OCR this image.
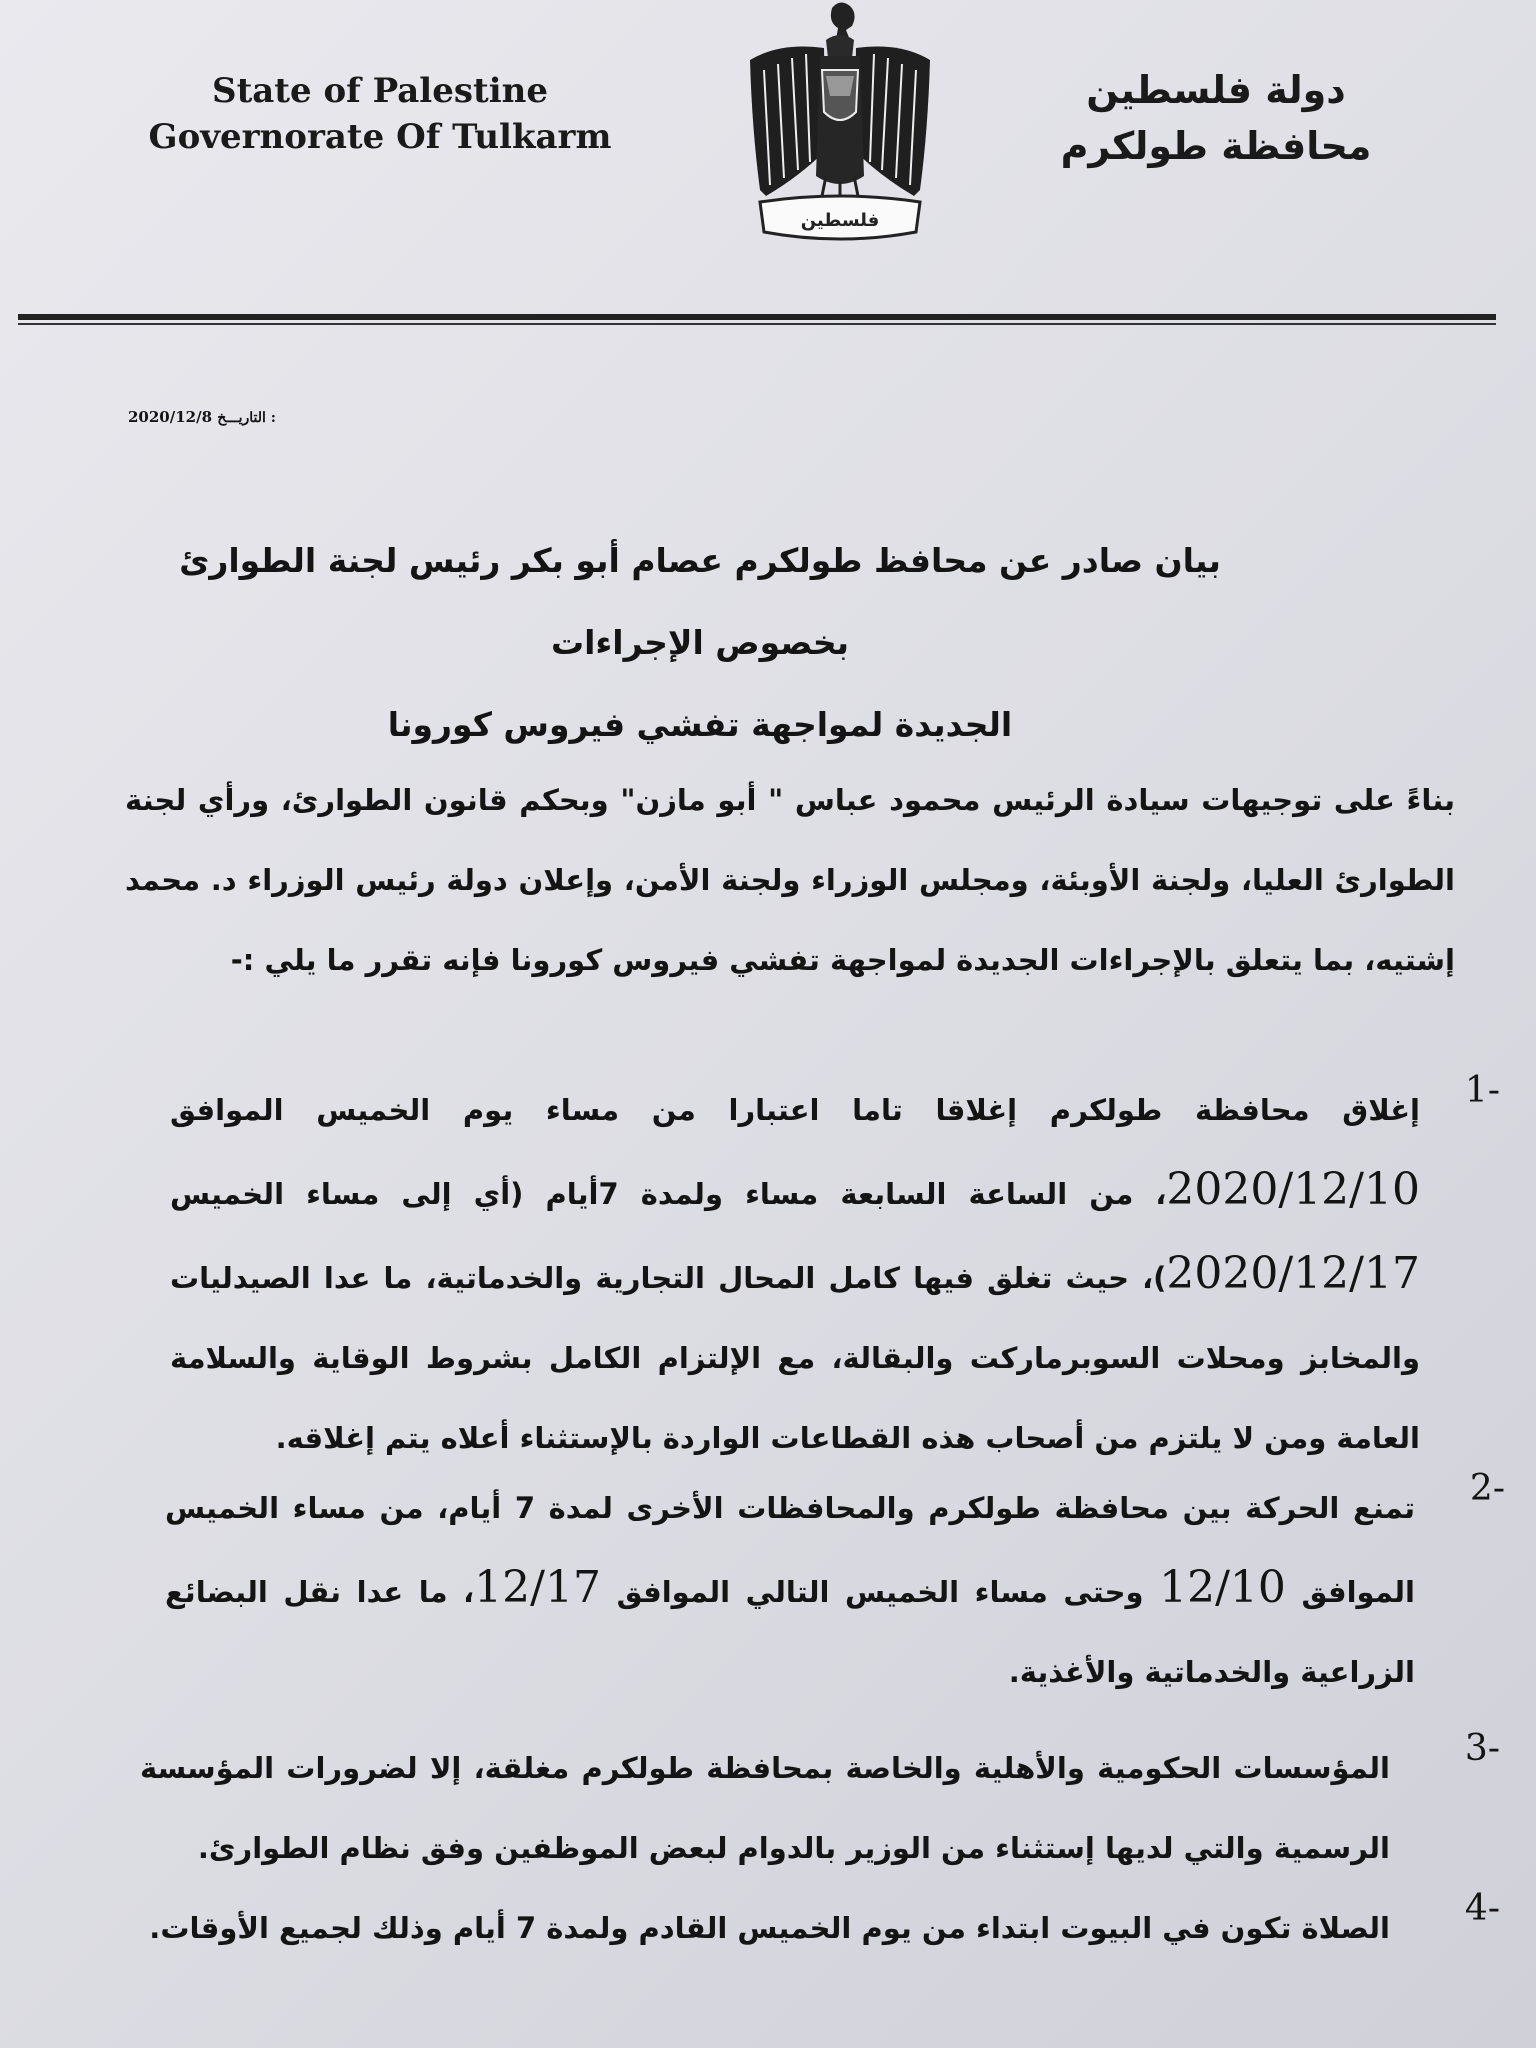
State of Palestine
Governorate Of Tulkarm
فلسطين
دولة فلسطين
محافظة طولكرم
2020/12/8 التاريـــخ :
بيان صادر عن محافظ طولكرم عصام أبو بكر رئيس لجنة الطوارئ بخصوص الإجراءات
الجديدة لمواجهة تفشي فيروس كورونا
بناءً على توجيهات سيادة الرئيس محمود عباس " أبو مازن" وبحكم قانون الطوارئ، ورأي لجنة الطوارئ العليا، ولجنة الأوبئة، ومجلس الوزراء ولجنة الأمن، وإعلان دولة رئيس الوزراء د. محمد إشتيه، بما يتعلق بالإجراءات الجديدة لمواجهة تفشي فيروس كورونا فإنه تقرر ما يلي :-
1-
إغلاق محافظة طولكرم إغلاقا تاما اعتبارا من مساء يوم الخميس الموافق 2020/12/10، من الساعة السابعة مساء ولمدة 7أيام (أي إلى مساء الخميس 2020/12/17)، حيث تغلق فيها كامل المحال التجارية والخدماتية، ما عدا الصيدليات والمخابز ومحلات السوبرماركت والبقالة، مع الإلتزام الكامل بشروط الوقاية والسلامة العامة ومن لا يلتزم من أصحاب هذه القطاعات الواردة بالإستثناء أعلاه يتم إغلاقه.
2-
تمنع الحركة بين محافظة طولكرم والمحافظات الأخرى لمدة 7 أيام، من مساء الخميس الموافق 12/10 وحتى مساء الخميس التالي الموافق 12/17، ما عدا نقل البضائع الزراعية والخدماتية والأغذية.
3-
المؤسسات الحكومية والأهلية والخاصة بمحافظة طولكرم مغلقة، إلا لضرورات المؤسسة الرسمية والتي لديها إستثناء من الوزير بالدوام لبعض الموظفين وفق نظام الطوارئ.
4-
الصلاة تكون في البيوت ابتداء من يوم الخميس القادم ولمدة 7 أيام وذلك لجميع الأوقات.
